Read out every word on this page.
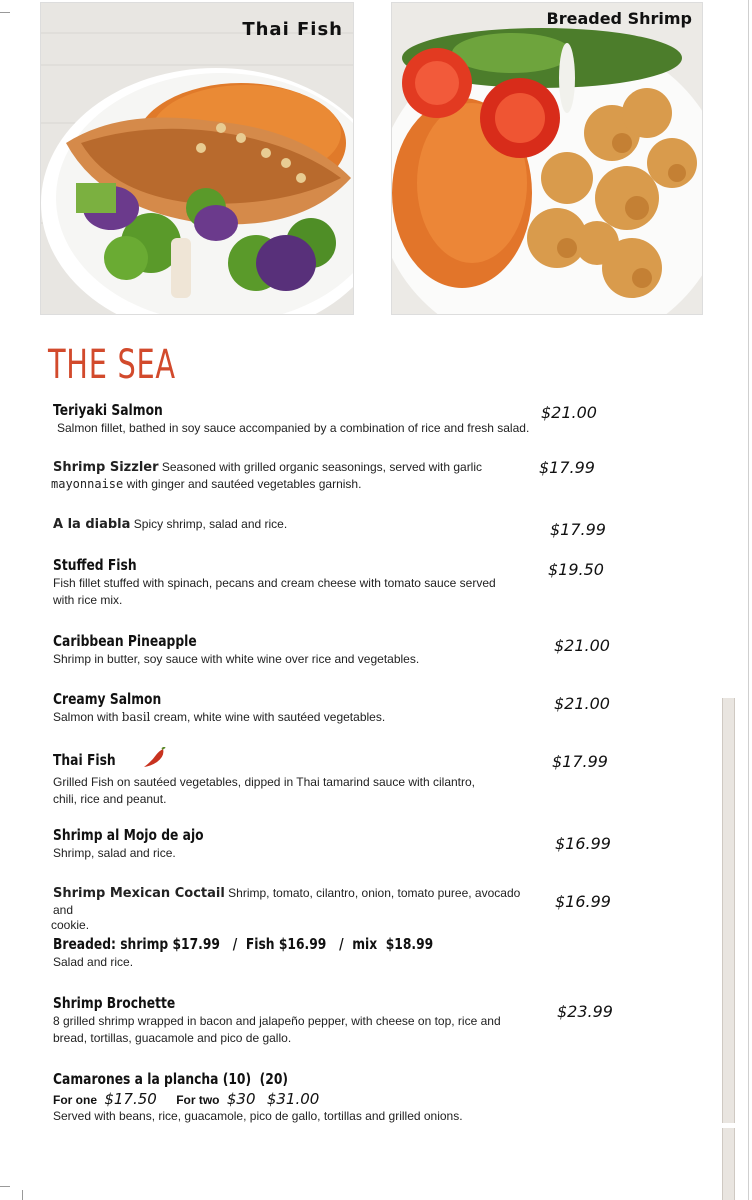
Thai Fish
Breaded Shrimp
THE SEA
Teriyaki Salmon
Salmon fillet, bathed in soy sauce accompanied by a combination of rice and fresh salad.
$21.00
Shrimp Sizzler Seasoned with grilled organic seasonings, served with garlic
mayonnaise with ginger and sautéed vegetables garnish.
$17.99
A la diabla Spicy shrimp, salad and rice.	$17.99
Stuffed Fish
Fish fillet stuffed with spinach, pecans and cream cheese with tomato sauce served with rice mix.
$19.50
Caribbean Pineapple
Shrimp in butter, soy sauce with white wine over rice and vegetables.
$21.00
Creamy Salmon
Salmon with basil cream, white wine with sautéed vegetables.
$21.00
Thai Fish
Grilled Fish on sautéed vegetables, dipped in Thai tamarind sauce with cilantro, chili, rice and peanut.
$17.99
Shrimp al Mojo de ajo
Shrimp, salad and rice.	$16.99
Shrimp Mexican Coctail Shrimp, tomato, cilantro, onion, tomato puree, avocado and
cookie.
$16.99
Breaded: shrimp $17.99   /  Fish $16.99   /  mix  $18.99
Salad and rice.
Shrimp Brochette
8 grilled shrimp wrapped in bacon and jalapeño pepper, with cheese on top, rice and bread, tortillas, guacamole and pico de gallo.
$23.99
Camarones a la plancha (10)  (20)
For one $17.50 For two $30 $31.00
Served with beans, rice, guacamole, pico de gallo, tortillas and grilled onions.
